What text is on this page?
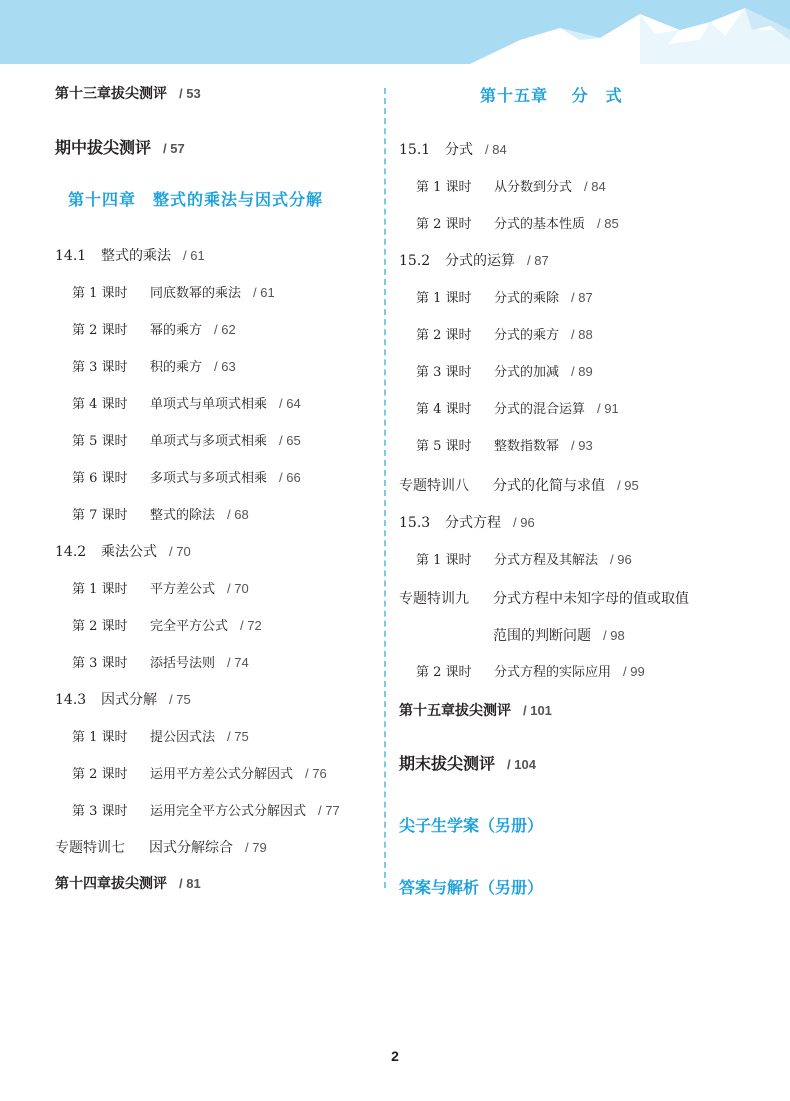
第十三章拔尖测评 / 53
期中拔尖测评 / 57
第十四章　整式的乘法与因式分解
14.1 整式的乘法 / 61
第 1 课时 同底数幂的乘法 / 61
第 2 课时 幂的乘方 / 62
第 3 课时 积的乘方 / 63
第 4 课时 单项式与单项式相乘 / 64
第 5 课时 单项式与多项式相乘 / 65
第 6 课时 多项式与多项式相乘 / 66
第 7 课时 整式的除法 / 68
14.2 乘法公式 / 70
第 1 课时 平方差公式 / 70
第 2 课时 完全平方公式 / 72
第 3 课时 添括号法则 / 74
14.3 因式分解 / 75
第 1 课时 提公因式法 / 75
第 2 课时 运用平方差公式分解因式 / 76
第 3 课时 运用完全平方公式分解因式 / 77
专题特训七 因式分解综合 / 79
第十四章拔尖测评 / 81
第十五章　 分　式
15.1 分式 / 84
第 1 课时 从分数到分式 / 84
第 2 课时 分式的基本性质 / 85
15.2 分式的运算 / 87
第 1 课时 分式的乘除 / 87
第 2 课时 分式的乘方 / 88
第 3 课时 分式的加减 / 89
第 4 课时 分式的混合运算 / 91
第 5 课时 整数指数幂 / 93
专题特训八 分式的化简与求值 / 95
15.3 分式方程 / 96
第 1 课时 分式方程及其解法 / 96
专题特训九 分式方程中未知字母的值或取值
范围的判断问题 / 98
第 2 课时 分式方程的实际应用 / 99
第十五章拔尖测评 / 101
期末拔尖测评 / 104
尖子生学案（另册）
答案与解析（另册）
2
